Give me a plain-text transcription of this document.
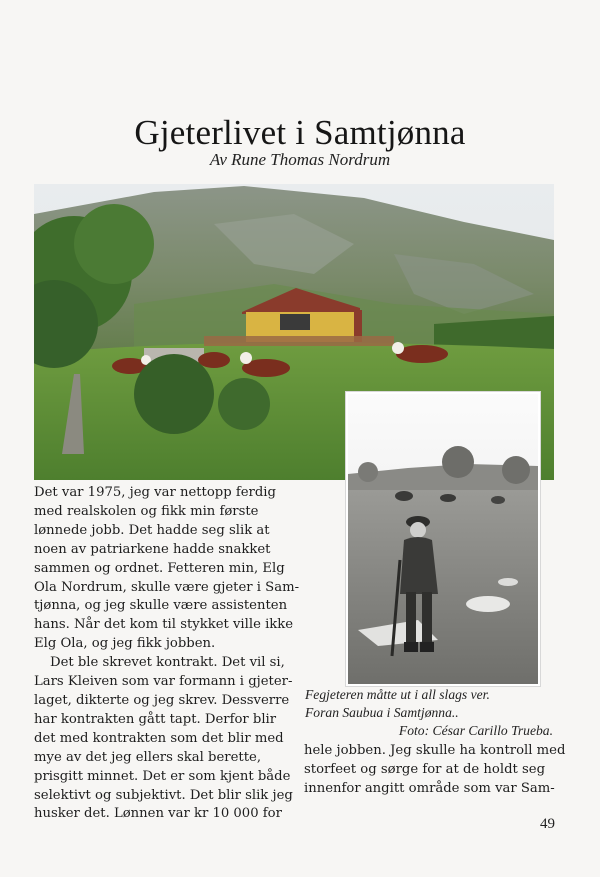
Gjeterlivet i Samtjønna
Av Rune Thomas Nordrum
Det var 1975, jeg var nettopp ferdig
med realskolen og fikk min første
lønnede jobb. Det hadde seg slik at
noen av patriarkene hadde snakket
sammen og ordnet. Fetteren min, Elg
Ola Nordrum, skulle være gjeter i Sam-
tjønna, og jeg skulle være assistenten
hans. Når det kom til stykket ville ikke
Elg Ola, og jeg fikk jobben.
Det ble skrevet kontrakt. Det vil si,
Lars Kleiven som var formann i gjeter-
laget, dikterte og jeg skrev. Dessverre
har kontrakten gått tapt. Derfor blir
det med kontrakten som det blir med
mye av det jeg ellers skal berette,
prisgitt minnet. Det er som kjent både
selektivt og subjektivt. Det blir slik jeg
husker det. Lønnen var kr 10 000 for
Fegjeteren måtte ut i all slags ver.
Foran Saubua i Samtjønna..
Foto: César Carillo Trueba.
hele jobben. Jeg skulle ha kontroll med
storfeet og sørge for at de holdt seg
innenfor angitt område som var Sam-
49
